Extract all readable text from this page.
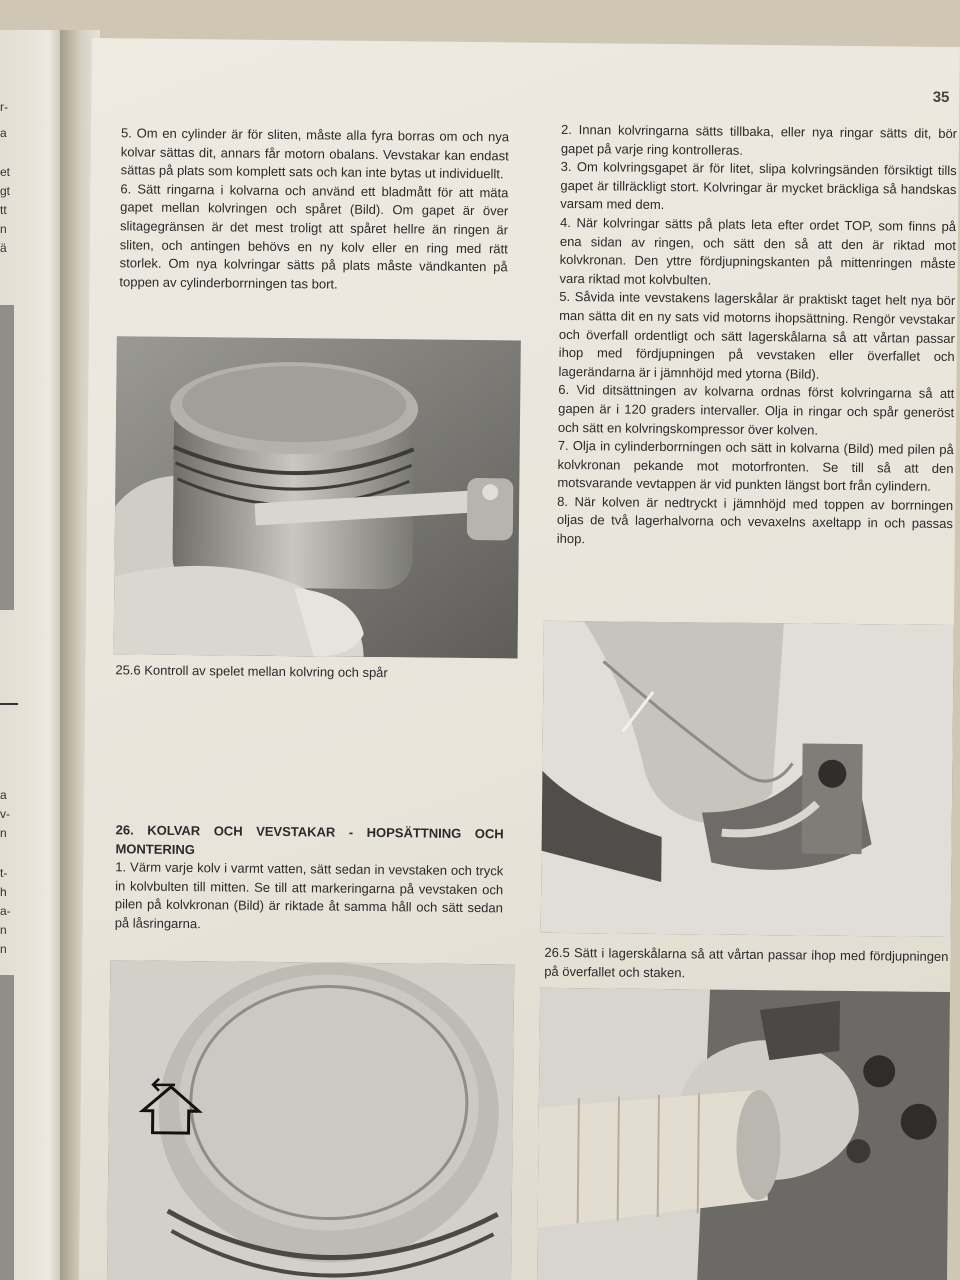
r-
a
et
gt
tt
n
ä
a
v-
n
t-
h
a-
n
n
35

5. Om en cylinder är för sliten, måste alla fyra borras om och nya kolvar sättas dit, annars får motorn obalans. Vevstakar kan endast sättas på plats som komplett sats och kan inte bytas ut individuellt.

6. Sätt ringarna i kolvarna och använd ett bladmått för att mäta gapet mellan kolvringen och spåret (Bild). Om gapet är över slitagegränsen är det mest troligt att spåret hellre än ringen är sliten, och antingen behövs en ny kolv eller en ring med rätt storlek. Om nya kolvringar sätts på plats måste vändkanten på toppen av cylinderborrningen tas bort.

25.6 Kontroll av spelet mellan kolvring och spår

26. KOLVAR OCH VEVSTAKAR - HOPSÄTTNING OCH MONTERING

1. Värm varje kolv i varmt vatten, sätt sedan in vevstaken och tryck in kolvbulten till mitten. Se till att markeringarna på vevstaken och pilen på kolvkronan (Bild) är riktade åt samma håll och sätt sedan på låsringarna.

2. Innan kolvringarna sätts tillbaka, eller nya ringar sätts dit, bör gapet på varje ring kontrolleras.

3. Om kolvringsgapet är för litet, slipa kolvringsänden försiktigt tills gapet är tillräckligt stort. Kolvringar är mycket bräckliga så handskas varsam med dem.

4. När kolvringar sätts på plats leta efter ordet TOP, som finns på ena sidan av ringen, och sätt den så att den är riktad mot kolvkronan. Den yttre fördjupningskanten på mittenringen måste vara riktad mot kolvbulten.

5. Såvida inte vevstakens lagerskålar är praktiskt taget helt nya bör man sätta dit en ny sats vid motorns ihopsättning. Rengör vevstakar och överfall ordentligt och sätt lagerskålarna så att vårtan passar ihop med fördjupningen på vevstaken eller överfallet och lagerändarna är i jämnhöjd med ytorna (Bild).

6. Vid ditsättningen av kolvarna ordnas först kolvringarna så att gapen är i 120 graders intervaller. Olja in ringar och spår generöst och sätt en kolvringskompressor över kolven.

7. Olja in cylinderborrningen och sätt in kolvarna (Bild) med pilen på kolvkronan pekande mot motorfronten. Se till så att den motsvarande vevtappen är vid punkten längst bort från cylindern.

8. När kolven är nedtryckt i jämnhöjd med toppen av borrningen oljas de två lagerhalvorna och vevaxelns axeltapp in och passas ihop.

26.5 Sätt i lagerskålarna så att vårtan passar ihop med fördjupningen på överfallet och staken.
